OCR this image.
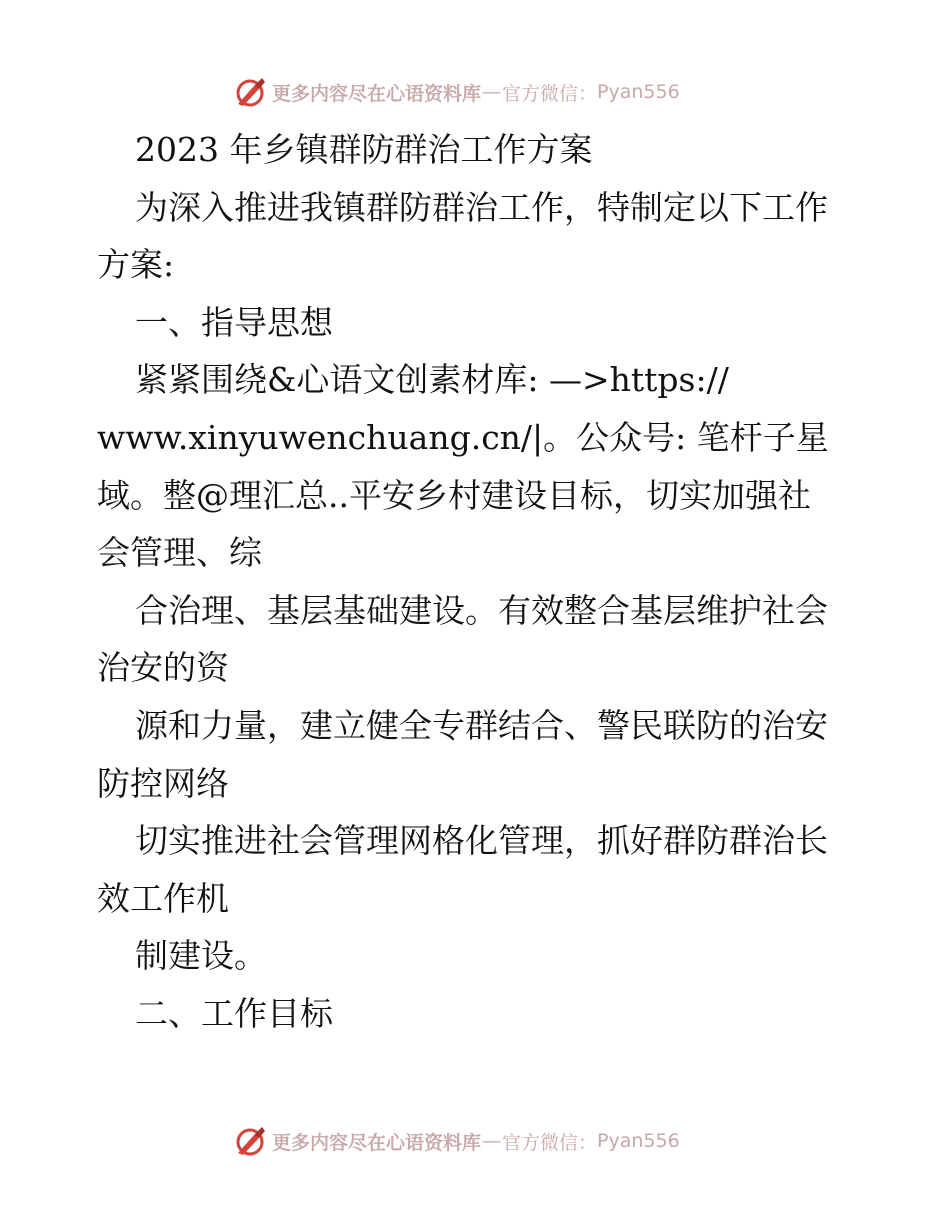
更多内容尽在心语资料库 — 官方微信： Pyan556
2023 年乡镇群防群治工作方案
为深入推进我镇群防群治工作，特制定以下工作
方案:
一、指导思想
紧紧围绕&心语文创素材库: —>https://
www.xinyuwenchuang.cn/|。公众号: 笔杆子星
域。整@理汇总..平安乡村建设目标，切实加强社
会管理、综
合治理、基层基础建设。有效整合基层维护社会
治安的资
源和力量，建立健全专群结合、警民联防的治安
防控网络
切实推进社会管理网格化管理，抓好群防群治长
效工作机
制建设。
二、工作目标
更多内容尽在心语资料库 — 官方微信： Pyan556
